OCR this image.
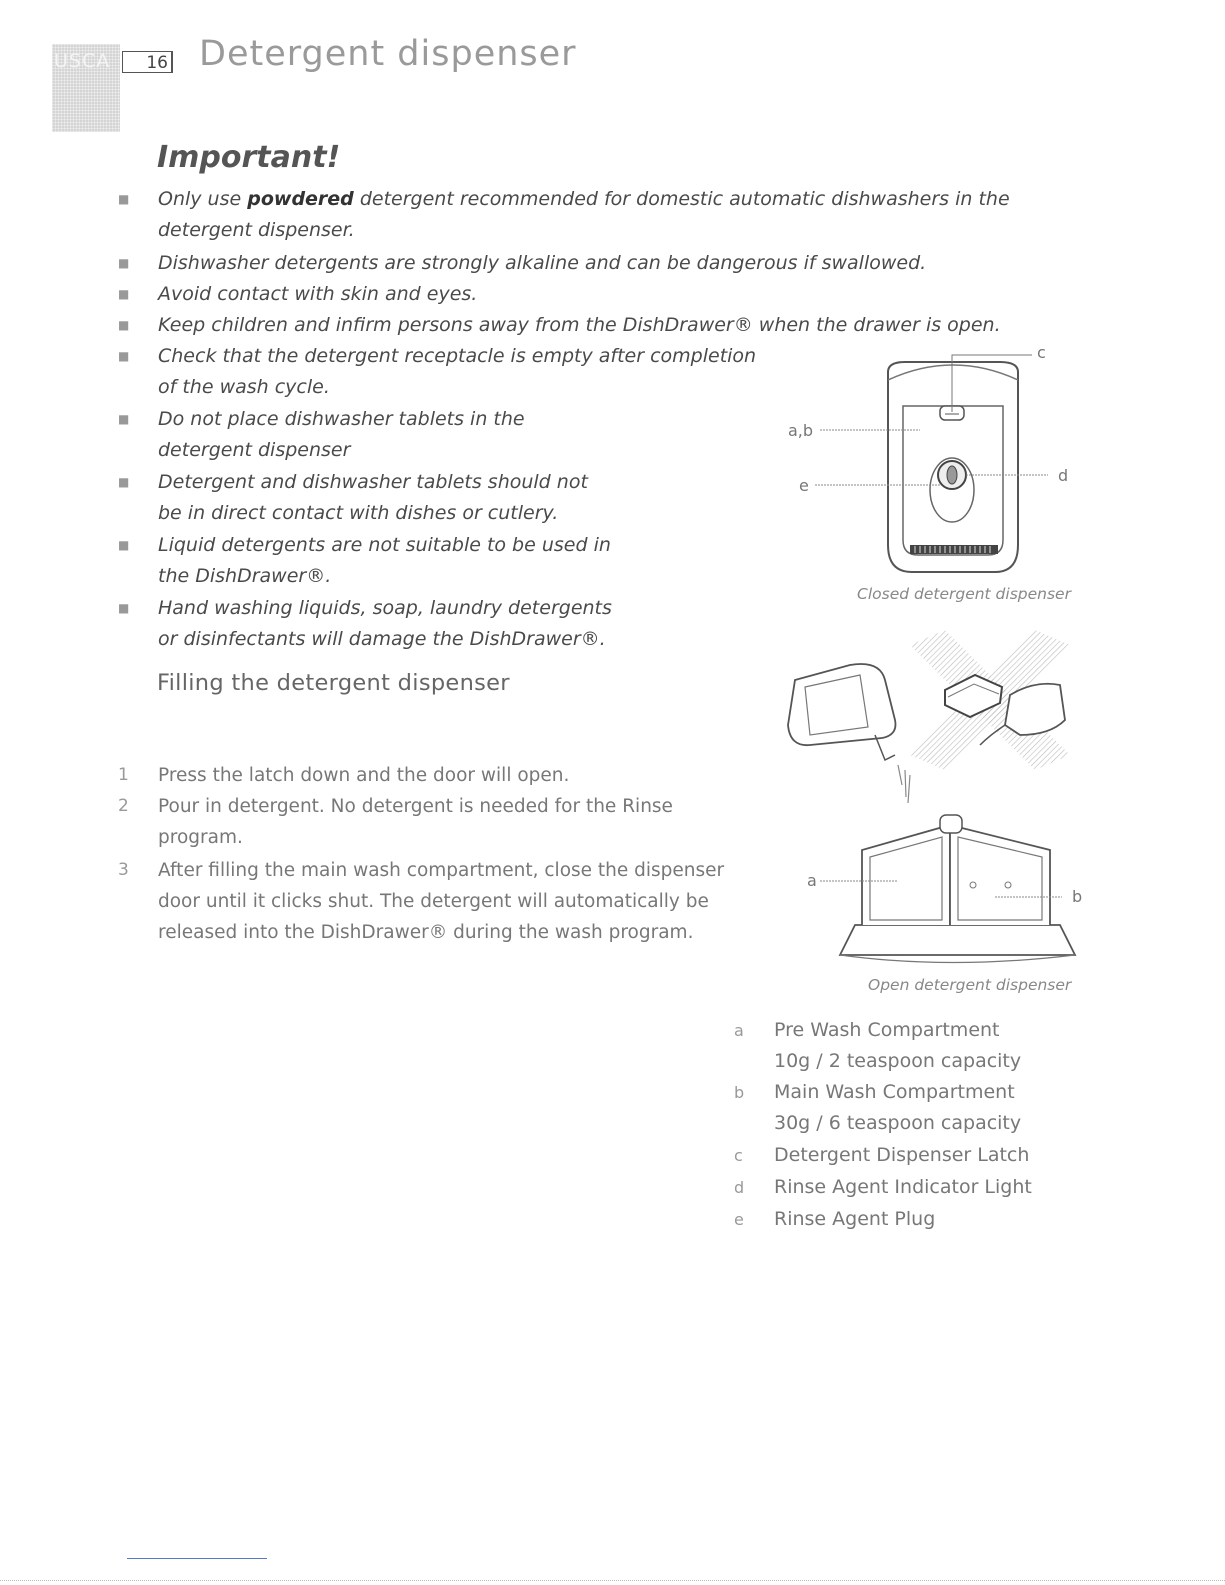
USCA	16 Detergent dispenser
Important!
■ Only use powdered detergent recommended for domestic automatic dishwashers in the
detergent dispenser.
■ Dishwasher detergents are strongly alkaline and can be dangerous if swallowed.
■ Avoid contact with skin and eyes.
■ Keep children and infirm persons away from the DishDrawer® when the drawer is open.
■ Check that the detergent receptacle is empty after completion
of the wash cycle.
■ Do not place dishwasher tablets in the
detergent dispenser
■ Detergent and dishwasher tablets should not
be in direct contact with dishes or cutlery.
■ Liquid detergents are not suitable to be used in
the DishDrawer®.
■ Hand washing liquids, soap, laundry detergents
or disinfectants will damage the DishDrawer®.
Filling the detergent dispenser
1 Press the latch down and the door will open.
2 Pour in detergent. No detergent is needed for the Rinse
program.
3 After filling the main wash compartment, close the dispenser
door until it clicks shut. The detergent will automatically be
released into the DishDrawer® during the wash program.
c
a,b
e
d
Closed detergent dispenser
a
b
Open detergent dispenser
a Pre Wash Compartment
10g / 2 teaspoon capacity
b Main Wash Compartment
30g / 6 teaspoon capacity
c Detergent Dispenser Latch
d Rinse Agent Indicator Light
e Rinse Agent Plug
